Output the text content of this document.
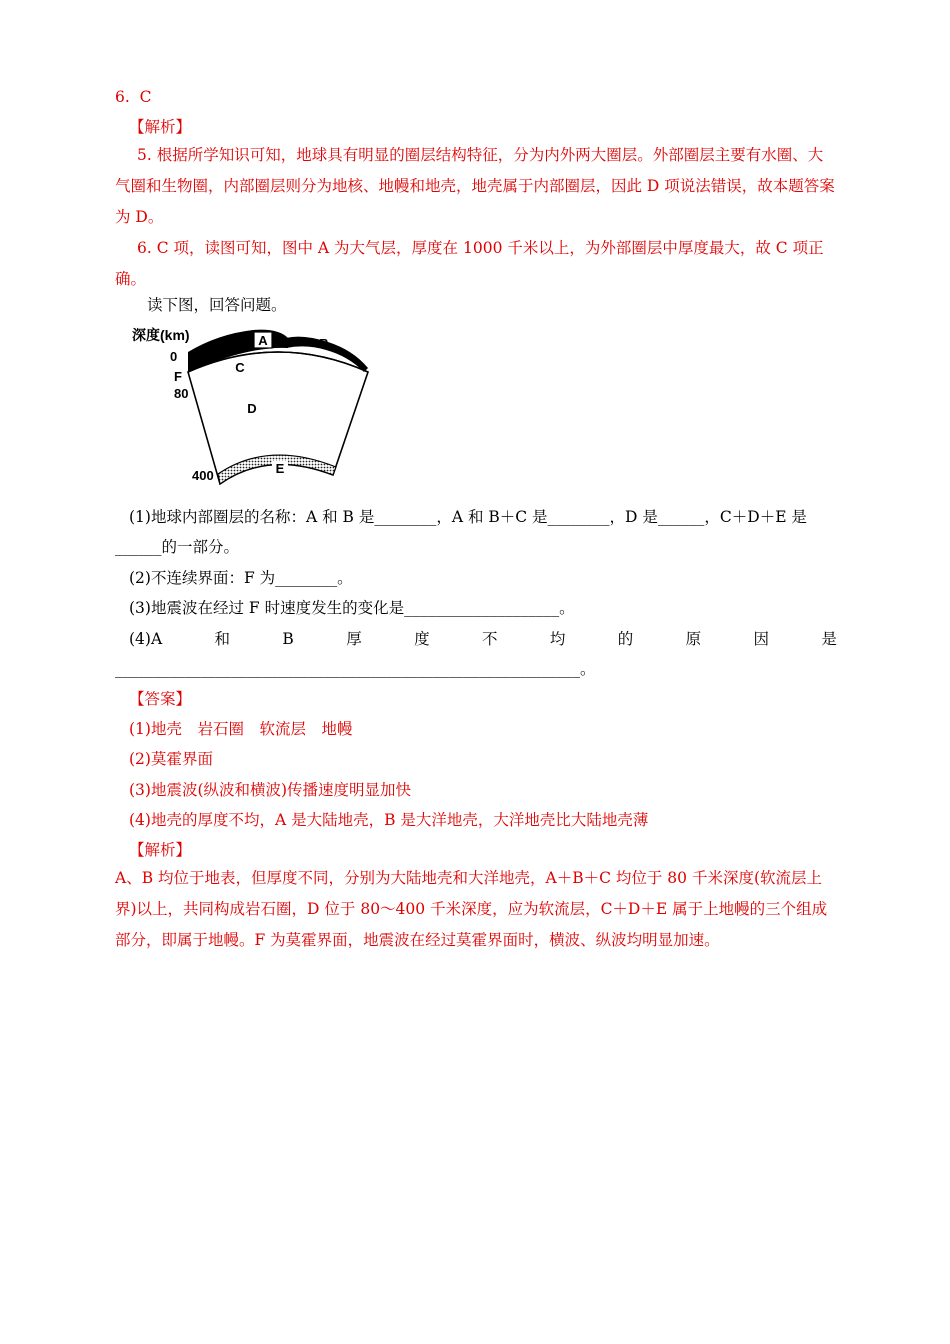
6. C
【解析】
5. 根据所学知识可知，地球具有明显的圈层结构特征，分为内外两大圈层。外部圈层主要有水圈、大气圈和生物圈，内部圈层则分为地核、地幔和地壳，地壳属于内部圈层，因此 D 项说法错误，故本题答案为 D。
6. C 项，读图可知，图中 A 为大气层，厚度在 1000 千米以上，为外部圈层中厚度最大，故 C 项正确。
读下图，回答问题。
A	B
C
D
E
深度(km)
0
F
80
400
(1)地球内部圈层的名称：A 和 B 是________，A 和 B＋C 是________，D 是______，C＋D＋E 是
______的一部分。
(2)不连续界面：F 为________。
(3)地震波在经过 F 时速度发生的变化是____________________。
(4)A	和	B	厚	度	不	均	的	原	因	是
____________________________________________________________。
【答案】
(1)地壳　岩石圈　软流层　地幔
(2)莫霍界面
(3)地震波(纵波和横波)传播速度明显加快
(4)地壳的厚度不均，A 是大陆地壳，B 是大洋地壳，大洋地壳比大陆地壳薄
【解析】
A、B 均位于地表，但厚度不同，分别为大陆地壳和大洋地壳，A＋B＋C 均位于 80 千米深度(软流层上界)以上，共同构成岩石圈，D 位于 80～400 千米深度，应为软流层，C＋D＋E 属于上地幔的三个组成部分，即属于地幔。F 为莫霍界面，地震波在经过莫霍界面时，横波、纵波均明显加速。
